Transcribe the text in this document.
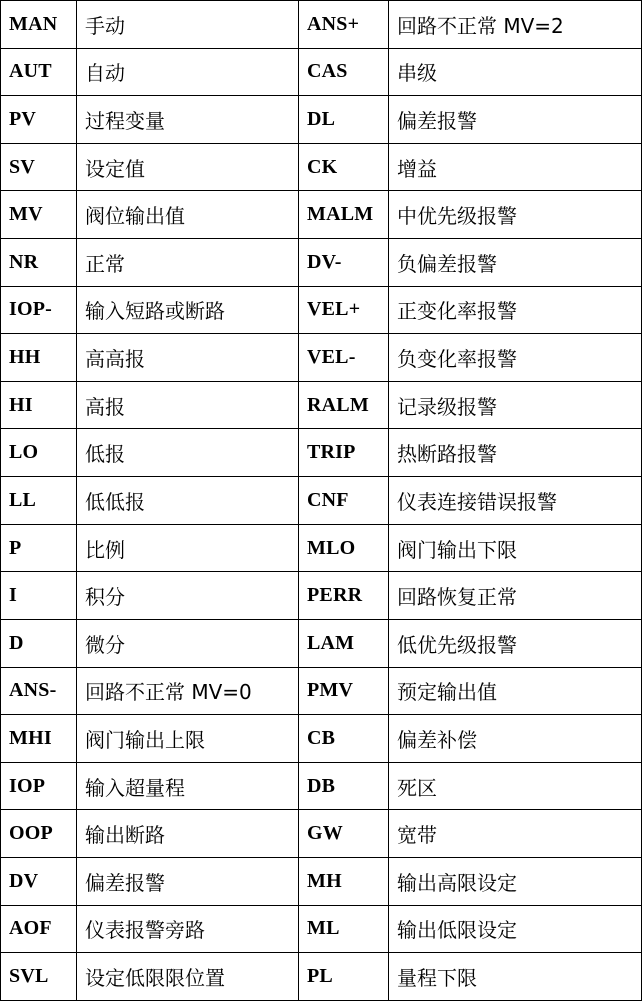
MAN	手动	ANS+	回路不正常 MV=2
AUT	自动	CAS	串级
PV	过程变量	DL	偏差报警
SV	设定值	CK	增益
MV	阀位输出值	MALM	中优先级报警
NR	正常	DV-	负偏差报警
IOP-	输入短路或断路	VEL+	正变化率报警
HH	高高报	VEL-	负变化率报警
HI	高报	RALM	记录级报警
LO	低报	TRIP	热断路报警
LL	低低报	CNF	仪表连接错误报警
P	比例	MLO	阀门输出下限
I	积分	PERR	回路恢复正常
D	微分	LAM	低优先级报警
ANS-	回路不正常 MV=0	PMV	预定输出值
MHI	阀门输出上限	CB	偏差补偿
IOP	输入超量程	DB	死区
OOP	输出断路	GW	宽带
DV	偏差报警	MH	输出高限设定
AOF	仪表报警旁路	ML	输出低限设定
SVL	设定低限限位置	PL	量程下限
